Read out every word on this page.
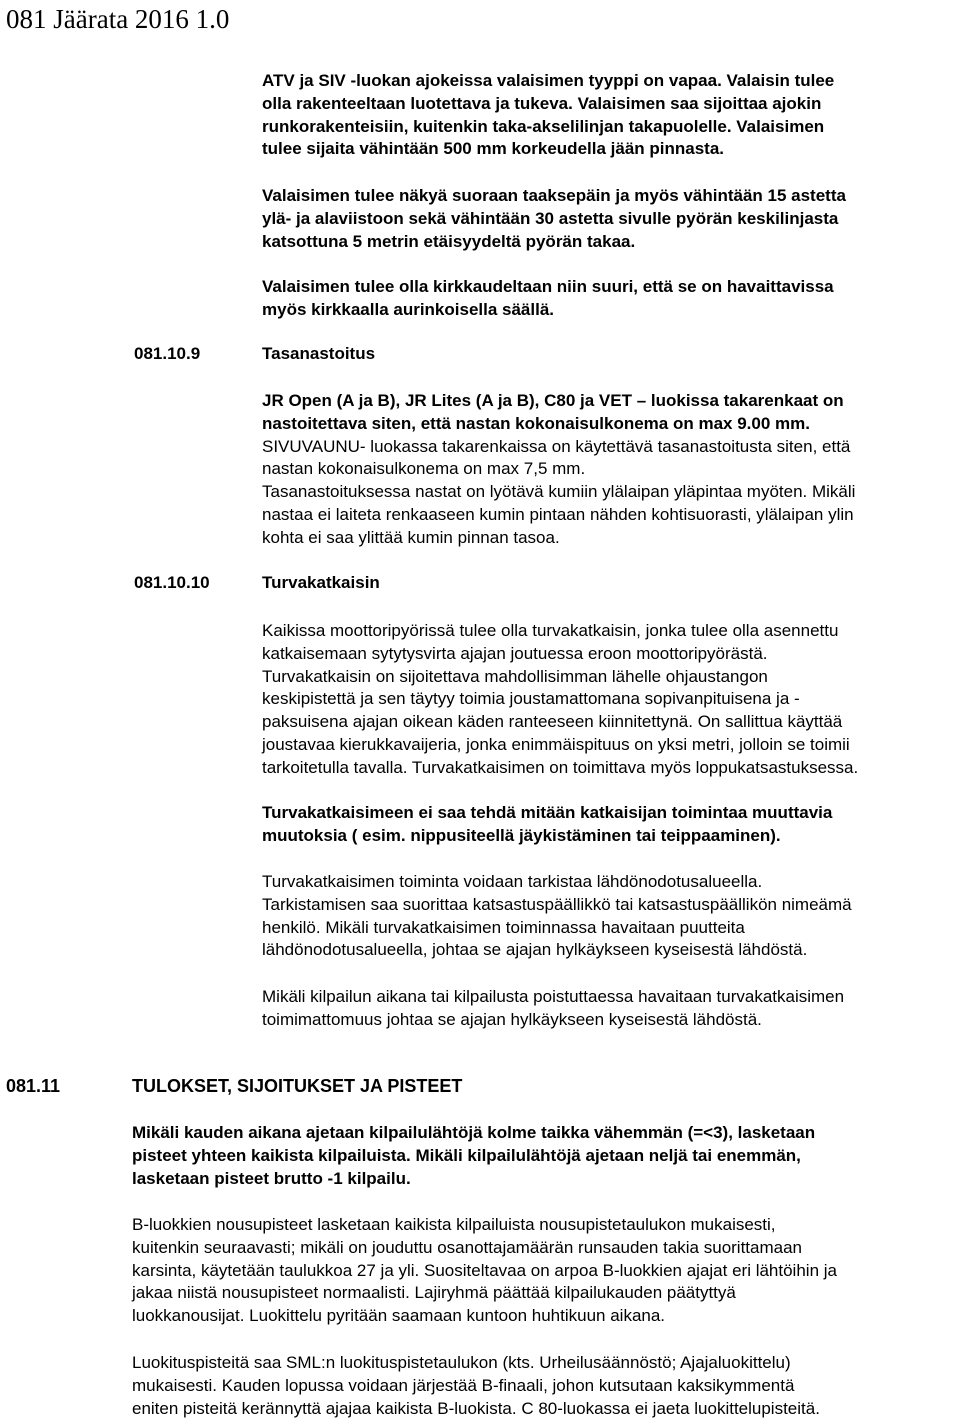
081 Jäärata 2016 1.0
ATV ja SIV -luokan ajokeissa valaisimen tyyppi on vapaa. Valaisin tulee
olla rakenteeltaan luotettava ja tukeva. Valaisimen saa sijoittaa ajokin
runkorakenteisiin, kuitenkin taka-akselilinjan takapuolelle. Valaisimen
tulee sijaita vähintään 500 mm korkeudella jään pinnasta.
Valaisimen tulee näkyä suoraan taaksepäin ja myös vähintään 15 astetta
ylä- ja alaviistoon sekä vähintään 30 astetta sivulle pyörän keskilinjasta
katsottuna 5 metrin etäisyydeltä pyörän takaa.
Valaisimen tulee olla kirkkaudeltaan niin suuri, että se on havaittavissa
myös kirkkaalla aurinkoisella säällä.
081.10.9	Tasanastoitus
JR Open (A ja B), JR Lites (A ja B), C80 ja VET – luokissa takarenkaat on
nastoitettava siten, että nastan kokonaisulkonema on max 9.00 mm.
SIVUVAUNU- luokassa takarenkaissa on käytettävä tasanastoitusta siten, että
nastan kokonaisulkonema on max 7,5 mm.
Tasanastoituksessa nastat on lyötävä kumiin ylälaipan yläpintaa myöten. Mikäli
nastaa ei laiteta renkaaseen kumin pintaan nähden kohtisuorasti, ylälaipan ylin
kohta ei saa ylittää kumin pinnan tasoa.
081.10.10	Turvakatkaisin
Kaikissa moottoripyörissä tulee olla turvakatkaisin, jonka tulee olla asennettu
katkaisemaan sytytysvirta ajajan joutuessa eroon moottoripyörästä.
Turvakatkaisin on sijoitettava mahdollisimman lähelle ohjaustangon
keskipistettä ja sen täytyy toimia joustamattomana sopivanpituisena ja -
paksuisena ajajan oikean käden ranteeseen kiinnitettynä. On sallittua käyttää
joustavaa kierukkavaijeria, jonka enimmäispituus on yksi metri, jolloin se toimii
tarkoitetulla tavalla. Turvakatkaisimen on toimittava myös loppukatsastuksessa.
Turvakatkaisimeen ei saa tehdä mitään katkaisijan toimintaa muuttavia
muutoksia ( esim. nippusiteellä jäykistäminen tai teippaaminen).
Turvakatkaisimen toiminta voidaan tarkistaa lähdönodotusalueella.
Tarkistamisen saa suorittaa katsastuspäällikkö tai katsastuspäällikön nimeämä
henkilö. Mikäli turvakatkaisimen toiminnassa havaitaan puutteita
lähdönodotusalueella, johtaa se ajajan hylkäykseen kyseisestä lähdöstä.
Mikäli kilpailun aikana tai kilpailusta poistuttaessa havaitaan turvakatkaisimen
toimimattomuus johtaa se ajajan hylkäykseen kyseisestä lähdöstä.
081.11	TULOKSET, SIJOITUKSET JA PISTEET
Mikäli kauden aikana ajetaan kilpailulähtöjä kolme taikka vähemmän (=<3), lasketaan
pisteet yhteen kaikista kilpailuista. Mikäli kilpailulähtöjä ajetaan neljä tai enemmän,
lasketaan pisteet brutto -1 kilpailu.
B-luokkien nousupisteet lasketaan kaikista kilpailuista nousupistetaulukon mukaisesti,
kuitenkin seuraavasti; mikäli on jouduttu osanottajamäärän runsauden takia suorittamaan
karsinta, käytetään taulukkoa 27 ja yli. Suositeltavaa on arpoa B-luokkien ajajat eri lähtöihin ja
jakaa niistä nousupisteet normaalisti. Lajiryhmä päättää kilpailukauden päätyttyä
luokkanousijat. Luokittelu pyritään saamaan kuntoon huhtikuun aikana.
Luokituspisteitä saa SML:n luokituspistetaulukon (kts. Urheilusäännöstö; Ajajaluokittelu)
mukaisesti. Kauden lopussa voidaan järjestää B-finaali, johon kutsutaan kaksikymmentä
eniten pisteitä kerännyttä ajajaa kaikista B-luokista. C 80-luokassa ei jaeta luokittelupisteitä.
